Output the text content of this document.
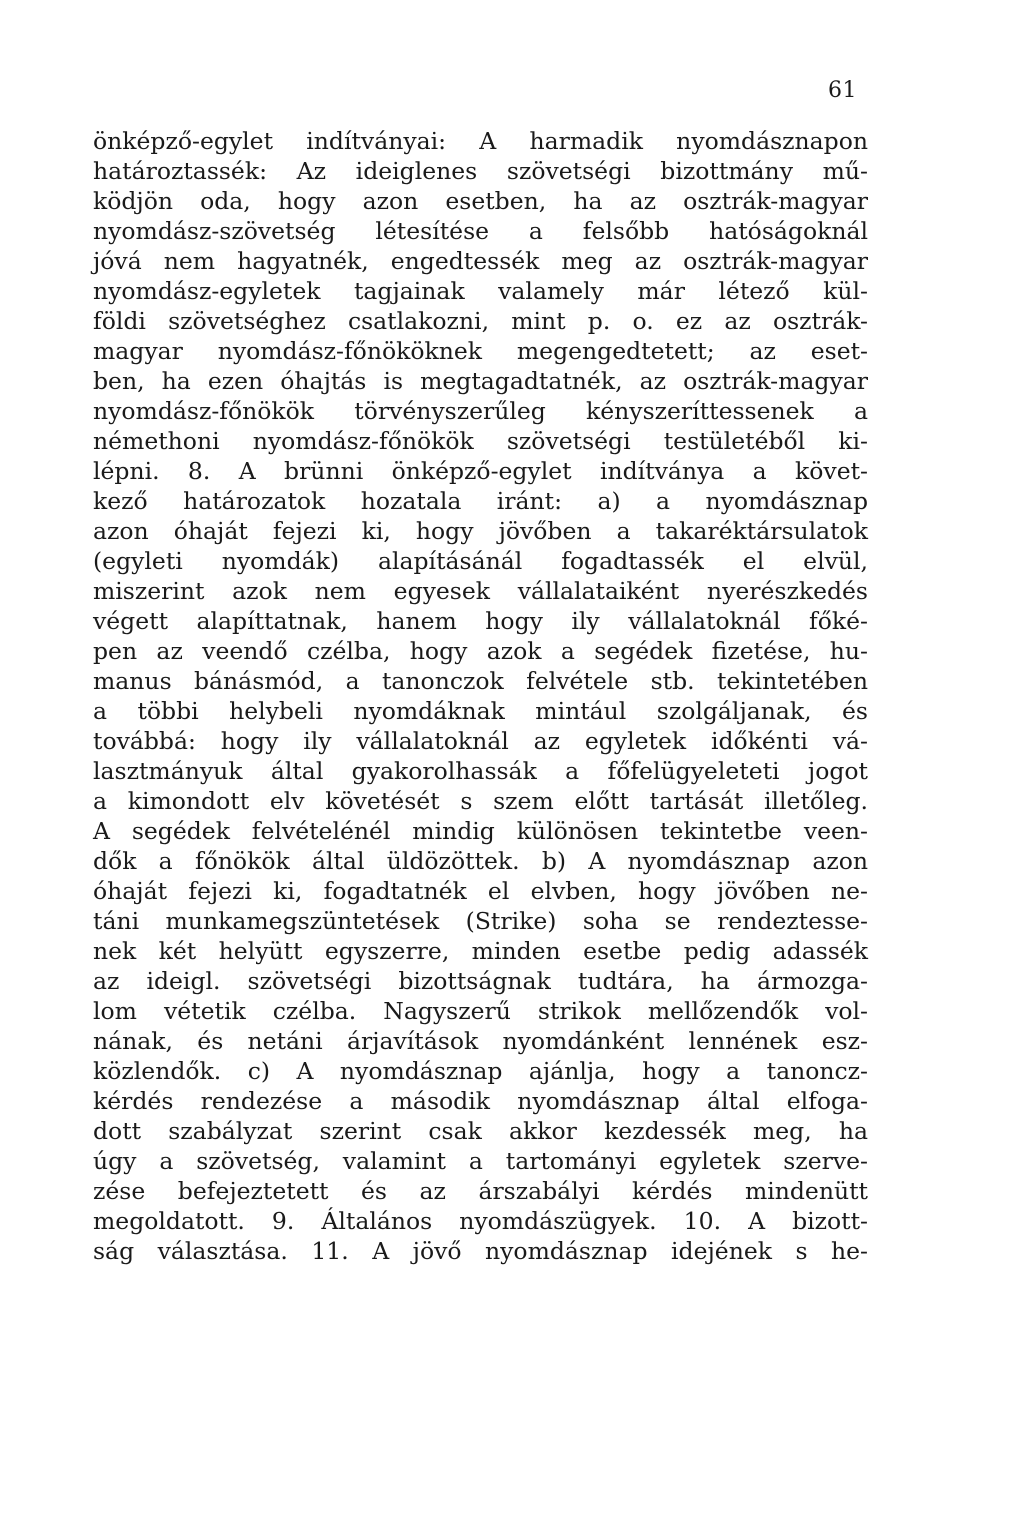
61
önképző-egylet indítványai: A harmadik nyomdásznapon
határoztassék: Az ideiglenes szövetségi bizottmány mű-
ködjön oda, hogy azon esetben, ha az osztrák-magyar
nyomdász-szövetség létesítése a felsőbb hatóságoknál
jóvá nem hagyatnék, engedtessék meg az osztrák-magyar
nyomdász-egyletek tagjainak valamely már létező kül-
földi szövetséghez csatlakozni, mint p. o. ez az osztrák-
magyar nyomdász-főnököknek megengedtetett; az eset-
ben, ha ezen óhajtás is megtagadtatnék, az osztrák-magyar
nyomdász-főnökök törvényszerűleg kényszeríttessenek a
némethoni nyomdász-főnökök szövetségi testületéből ki-
lépni. 8. A brünni önképző-egylet indítványa a követ-
kező határozatok hozatala iránt: a) a nyomdásznap
azon óhaját fejezi ki, hogy jövőben a takaréktársulatok
(egyleti nyomdák) alapításánál fogadtassék el elvül,
miszerint azok nem egyesek vállalataiként nyerészkedés
végett alapíttatnak, hanem hogy ily vállalatoknál főké-
pen az veendő czélba, hogy azok a segédek fizetése, hu-
manus bánásmód, a tanonczok felvétele stb. tekintetében
a többi helybeli nyomdáknak mintául szolgáljanak, és
továbbá: hogy ily vállalatoknál az egyletek időkénti vá-
lasztmányuk által gyakorolhassák a főfelügyeleteti jogot
a kimondott elv követését s szem előtt tartását illetőleg.
A segédek felvételénél mindig különösen tekintetbe veen-
dők a főnökök által üldözöttek. b) A nyomdásznap azon
óhaját fejezi ki, fogadtatnék el elvben, hogy jövőben ne-
táni munkamegszüntetések (Strike) soha se rendeztesse-
nek két helyütt egyszerre, minden esetbe pedig adassék
az ideigl. szövetségi bizottságnak tudtára, ha ármozga-
lom vétetik czélba. Nagyszerű strikok mellőzendők vol-
nának, és netáni árjavítások nyomdánként lennének esz-
közlendők. c) A nyomdásznap ajánlja, hogy a tanoncz-
kérdés rendezése a második nyomdásznap által elfoga-
dott szabályzat szerint csak akkor kezdessék meg, ha
úgy a szövetség, valamint a tartományi egyletek szerve-
zése befejeztetett és az árszabályi kérdés mindenütt
megoldatott. 9. Általános nyomdászügyek. 10. A bizott-
ság választása. 11. A jövő nyomdásznap idejének s he-
